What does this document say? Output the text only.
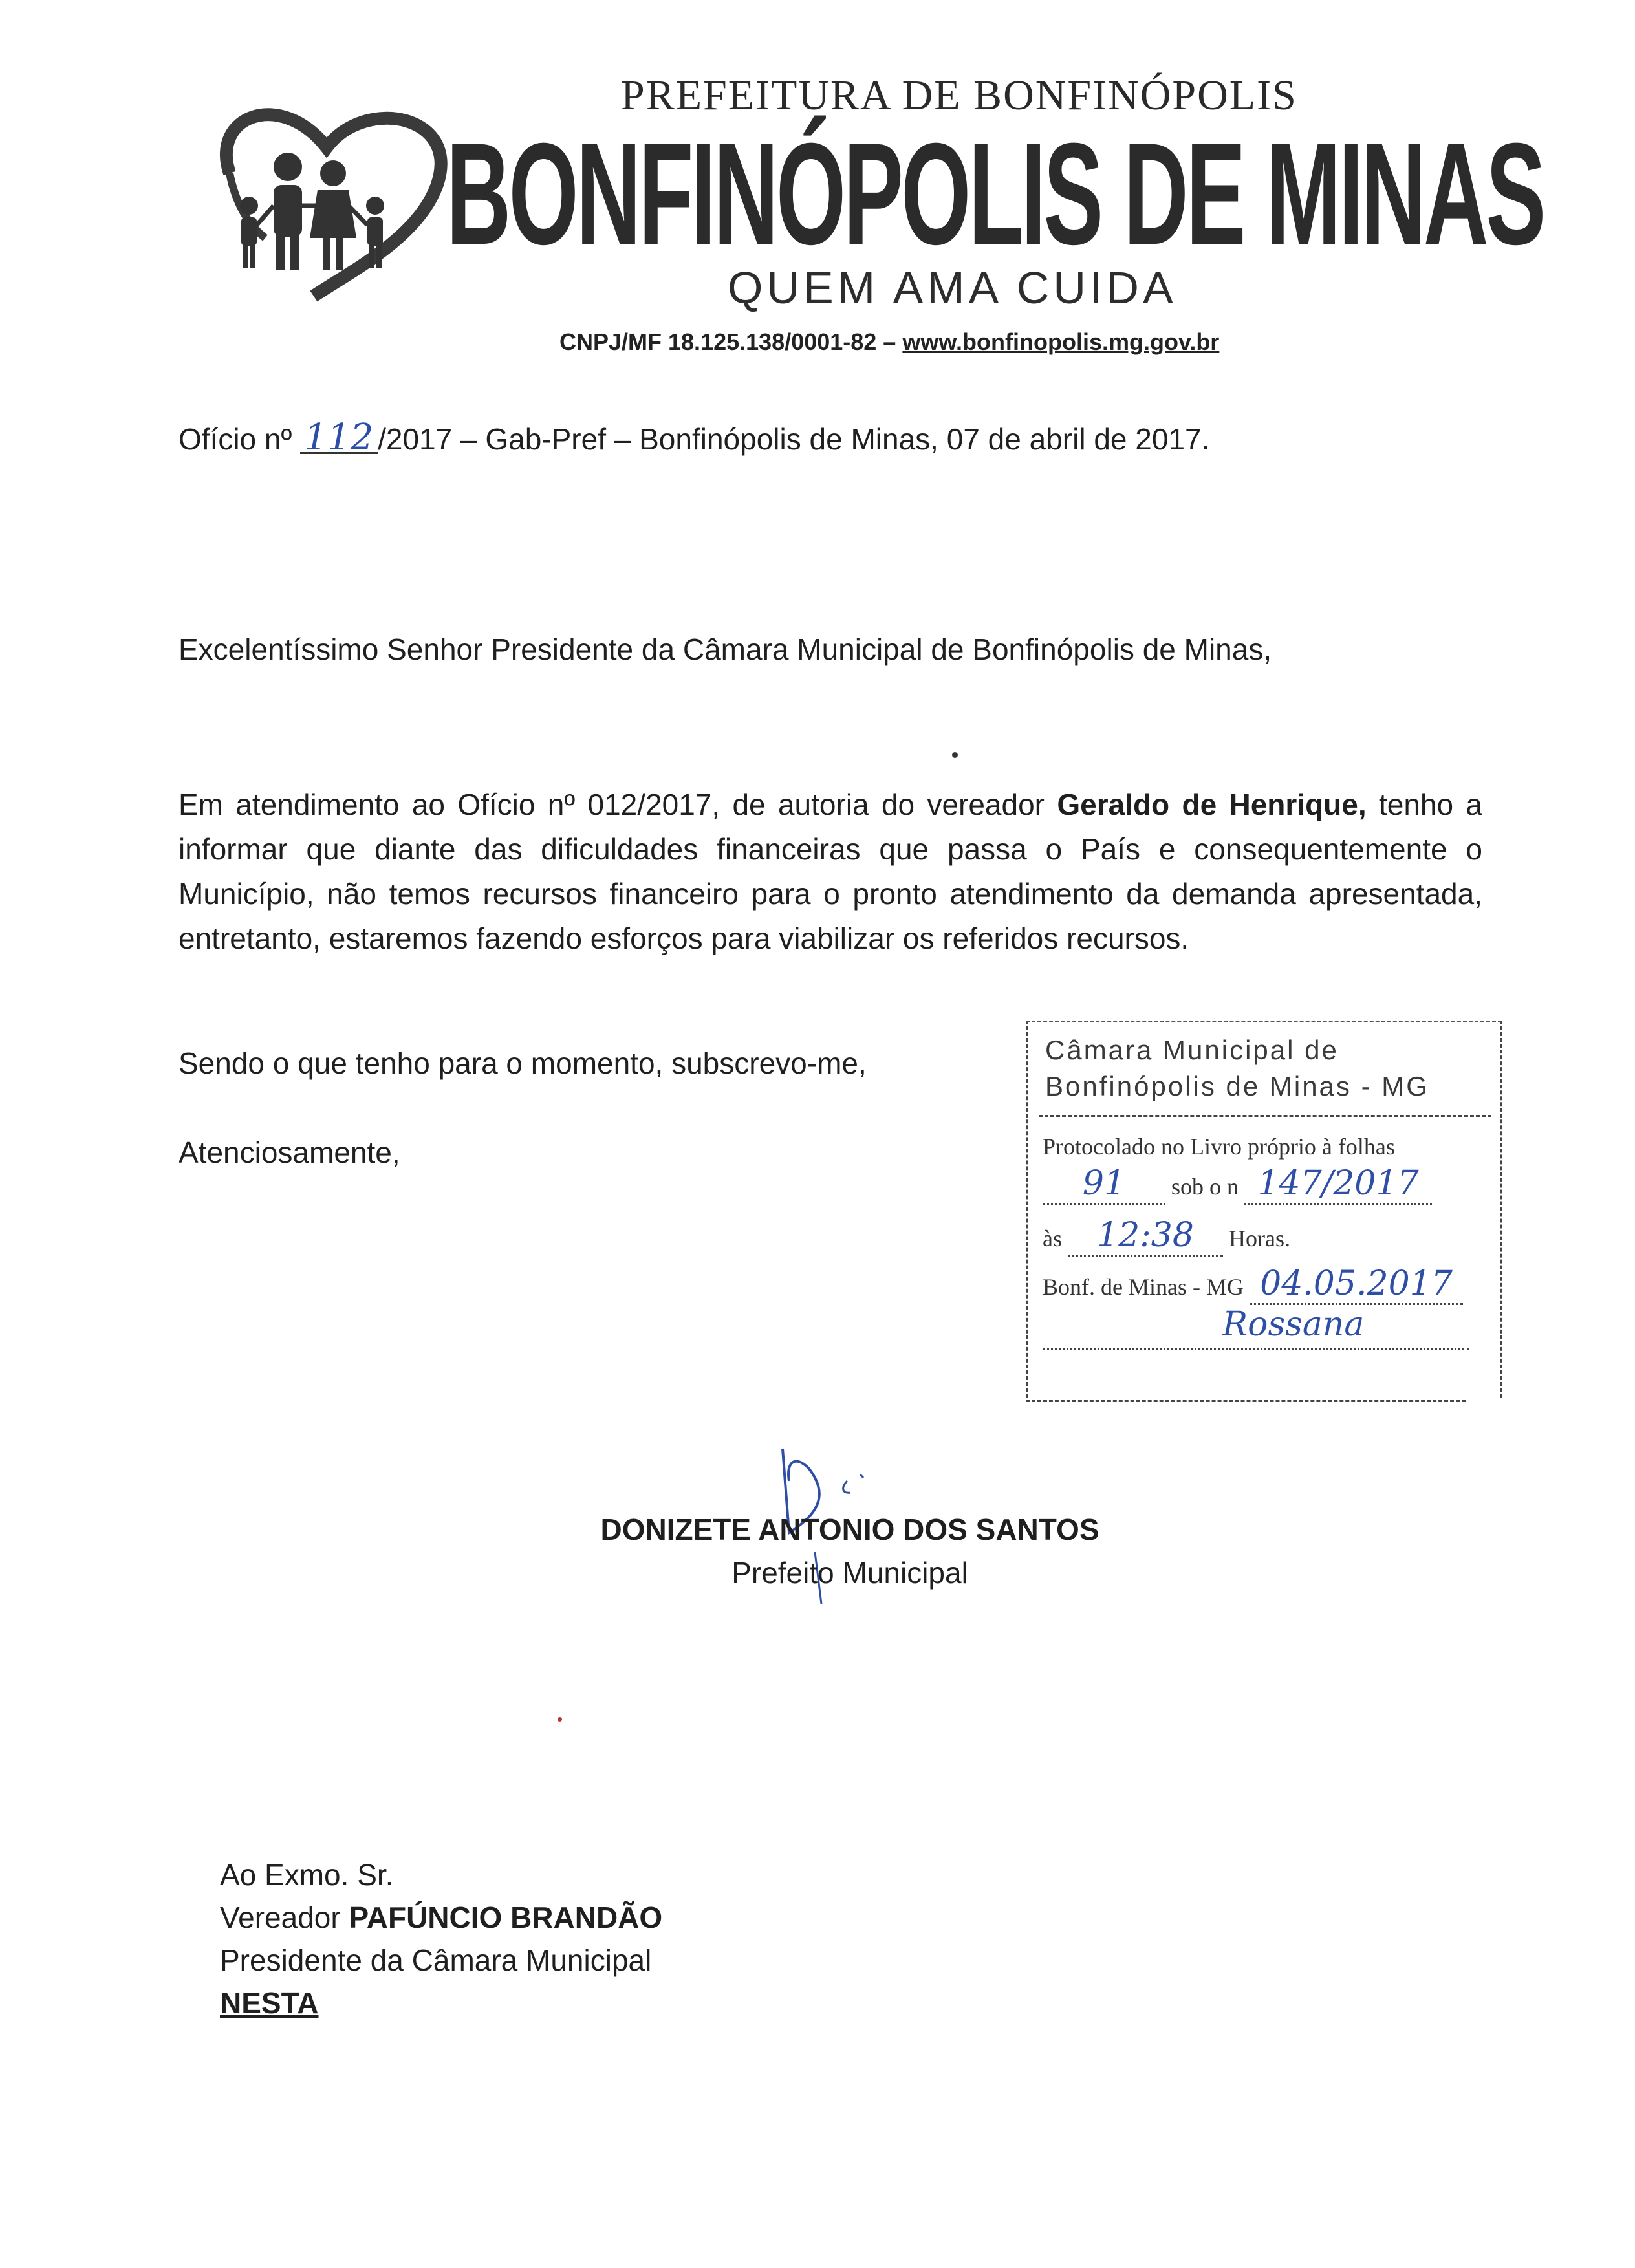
PREFEITURA DE BONFINÓPOLIS
BONFINÓPOLIS DE MINAS
QUEM AMA CUIDA
CNPJ/MF 18.125.138/0001-82 – www.bonfinopolis.mg.gov.br
Ofício nº 112 /2017 – Gab-Pref – Bonfinópolis de Minas, 07 de abril de 2017.
Excelentíssimo Senhor Presidente da Câmara Municipal de Bonfinópolis de Minas,
Em atendimento ao Ofício nº 012/2017, de autoria do vereador Geraldo de Henrique, tenho a informar que diante das dificuldades financeiras que passa o País e consequentemente o Município, não temos recursos financeiro para o pronto atendimento da demanda apresentada, entretanto, estaremos fazendo esforços para viabilizar os referidos recursos.
Sendo o que tenho para o momento, subscrevo-me,
Atenciosamente,
Câmara Municipal de Bonfinópolis de Minas - MG
Protocolado no Livro próprio à folhas
91 sob o n 147/2017
às 12:38 Horas.
Bonf. de Minas - MG 04.05.2017
Rossana
DONIZETE ANTONIO DOS SANTOS
Prefeito Municipal
Ao Exmo. Sr.
Vereador PAFÚNCIO BRANDÃO
Presidente da Câmara Municipal
NESTA
